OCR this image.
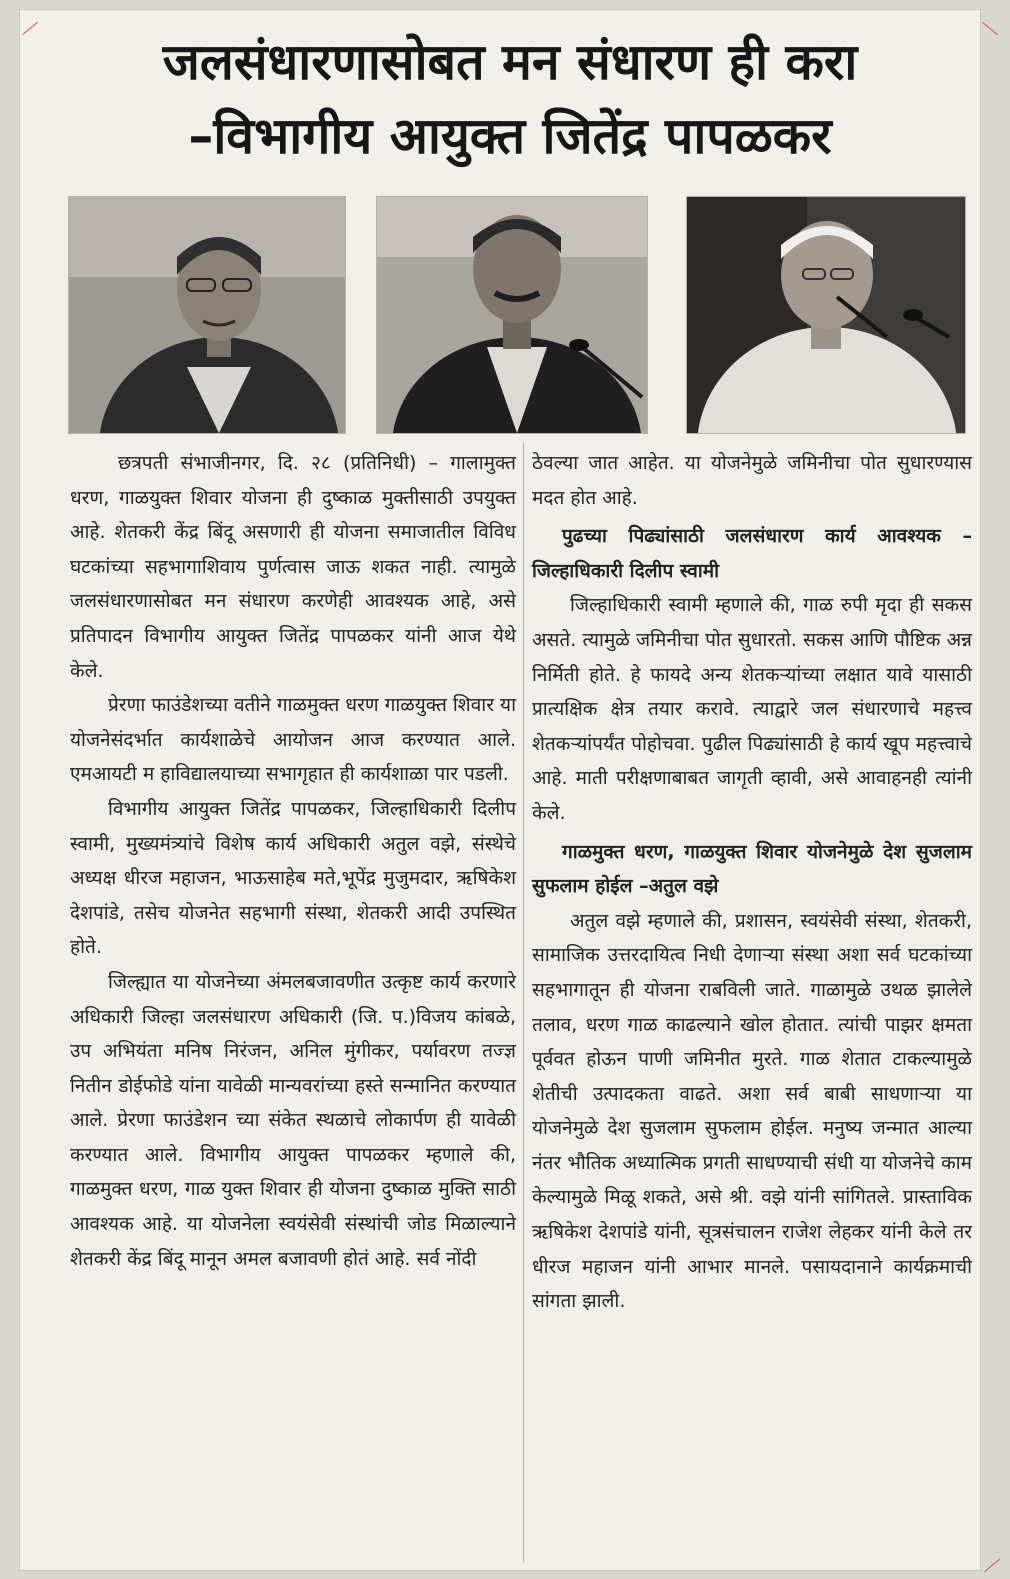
जलसंधारणासोबत मन संधारण ही करा
–विभागीय आयुक्त जितेंद्र पापळकर

छत्रपती संभाजीनगर, दि. २८ (प्रतिनिधी) – गालामुक्त धरण, गाळयुक्त शिवार योजना ही दुष्काळ मुक्तीसाठी उपयुक्त आहे. शेतकरी केंद्र बिंदू असणारी ही योजना समाजातील विविध घटकांच्या सहभागाशिवाय पुर्णत्वास जाऊ शकत नाही. त्यामुळे जलसंधारणासोबत मन संधारण करणेही आवश्यक आहे, असे प्रतिपादन विभागीय आयुक्त जितेंद्र पापळकर यांनी आज येथे केले.

प्रेरणा फाउंडेशच्या वतीने गाळमुक्त धरण गाळयुक्त शिवार या योजनेसंदर्भात कार्यशाळेचे आयोजन आज करण्यात आले. एमआयटी म हाविद्यालयाच्या सभागृहात ही कार्यशाळा पार पडली.

विभागीय आयुक्त जितेंद्र पापळकर, जिल्हाधिकारी दिलीप स्वामी, मुख्यमंत्र्यांचे विशेष कार्य अधिकारी अतुल वझे, संस्थेचे अध्यक्ष धीरज महाजन, भाऊसाहेब मते,भूपेंद्र मुजुमदार, ऋषिकेश देशपांडे, तसेच योजनेत सहभागी संस्था, शेतकरी आदी उपस्थित होते.

जिल्ह्यात या योजनेच्या अंमलबजावणीत उत्कृष्ट कार्य करणारे अधिकारी जिल्हा जलसंधारण अधिकारी (जि. प.)विजय कांबळे, उप अभियंता मनिष निरंजन, अनिल मुंगीकर, पर्यावरण तज्ज्ञ नितीन डोईफोडे यांना यावेळी मान्यवरांच्या हस्ते सन्मानित करण्यात आले. प्रेरणा फाउंडेशन च्या संकेत स्थळाचे लोकार्पण ही यावेळी करण्यात आले. विभागीय आयुक्त पापळकर म्हणाले की, गाळमुक्त धरण, गाळ युक्त शिवार ही योजना दुष्काळ मुक्ति साठी आवश्यक आहे. या योजनेला स्वयंसेवी संस्थांची जोड मिळाल्याने शेतकरी केंद्र बिंदू मानून अमल बजावणी होतं आहे. सर्व नोंदी

ठेवल्या जात आहेत. या योजनेमुळे जमिनीचा पोत सुधारण्यास मदत होत आहे.

पुढच्या पिढ्यांसाठी जलसंधारण कार्य आवश्यक –जिल्हाधिकारी दिलीप स्वामी

जिल्हाधिकारी स्वामी म्हणाले की, गाळ रुपी मृदा ही सकस असते. त्यामुळे जमिनीचा पोत सुधारतो. सकस आणि पौष्टिक अन्न निर्मिती होते. हे फायदे अन्य शेतकऱ्यांच्या लक्षात यावे यासाठी प्रात्यक्षिक क्षेत्र तयार करावे. त्याद्वारे जल संधारणाचे महत्त्व शेतकऱ्यांपर्यंत पोहोचवा. पुढील पिढ्यांसाठी हे कार्य खूप महत्त्वाचे आहे. माती परीक्षणाबाबत जागृती व्हावी, असे आवाहनही त्यांनी केले.

गाळमुक्त धरण, गाळयुक्त शिवार योजनेमुळे देश सुजलाम सुफलाम होईल –अतुल वझे

अतुल वझे म्हणाले की, प्रशासन, स्वयंसेवी संस्था, शेतकरी, सामाजिक उत्तरदायित्व निधी देणाऱ्या संस्था अशा सर्व घटकांच्या सहभागातून ही योजना राबविली जाते. गाळामुळे उथळ झालेले तलाव, धरण गाळ काढल्याने खोल होतात. त्यांची पाझर क्षमता पूर्ववत होऊन पाणी जमिनीत मुरते. गाळ शेतात टाकल्यामुळे शेतीची उत्पादकता वाढते. अशा सर्व बाबी साधणाऱ्या या योजनेमुळे देश सुजलाम सुफलाम होईल. मनुष्य जन्मात आल्या नंतर भौतिक अध्यात्मिक प्रगती साधण्याची संधी या योजनेचे काम केल्यामुळे मिळू शकते, असे श्री. वझे यांनी सांगितले. प्रास्ताविक ऋषिकेश देशपांडे यांनी, सूत्रसंचालन राजेश लेहकर यांनी केले तर धीरज महाजन यांनी आभार मानले. पसायदानाने कार्यक्रमाची सांगता झाली.
